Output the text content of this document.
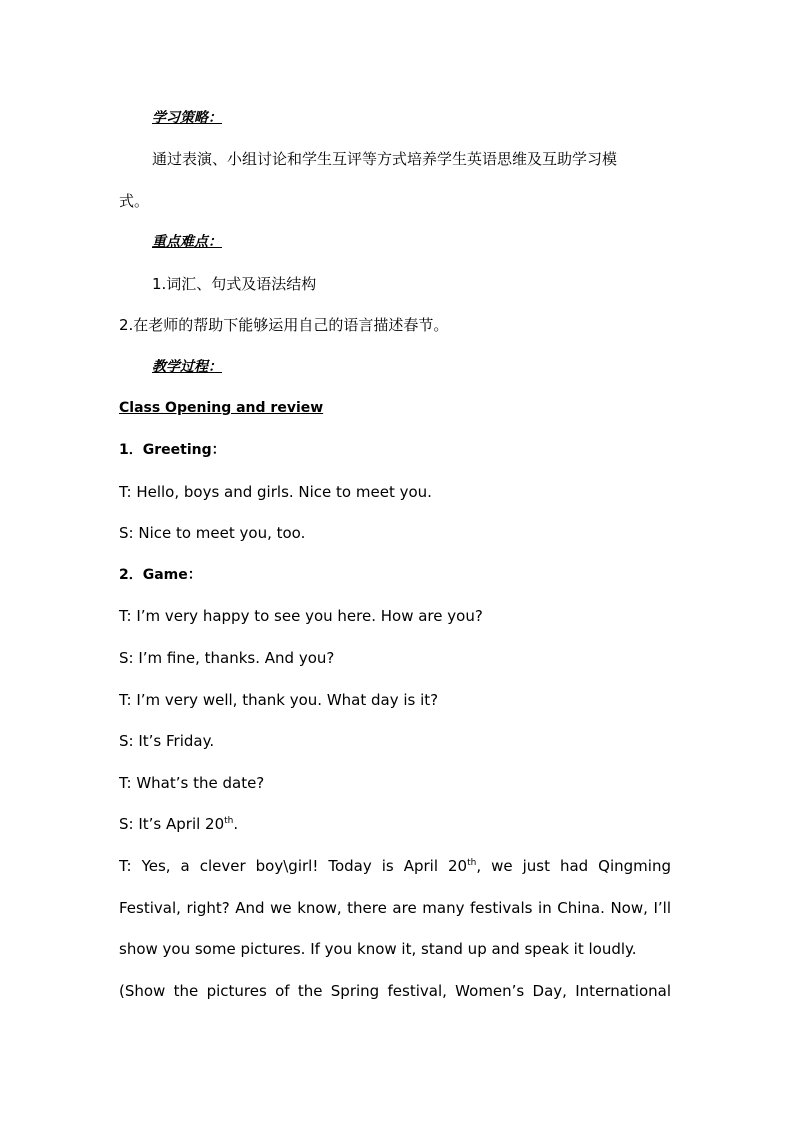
学习策略：
通过表演、小组讨论和学生互评等方式培养学生英语思维及互助学习模
式。
重点难点：
1.词汇、句式及语法结构
2.在老师的帮助下能够运用自己的语言描述春节。
教学过程：
Class Opening and review
1．Greeting：
T: Hello, boys and girls. Nice to meet you.
S: Nice to meet you, too.
2．Game：
T: I’m very happy to see you here. How are you?
S: I’m fine, thanks. And you?
T: I’m very well, thank you. What day is it?
S: It’s Friday.
T: What’s the date?
S: It’s April 20th.
T: Yes, a clever boy\girl! Today is April 20th, we just had Qingming
Festival, right? And we know, there are many festivals in China. Now, I’ll
show you some pictures. If you know it, stand up and speak it loudly.
(Show the pictures of the Spring festival, Women’s Day, International
